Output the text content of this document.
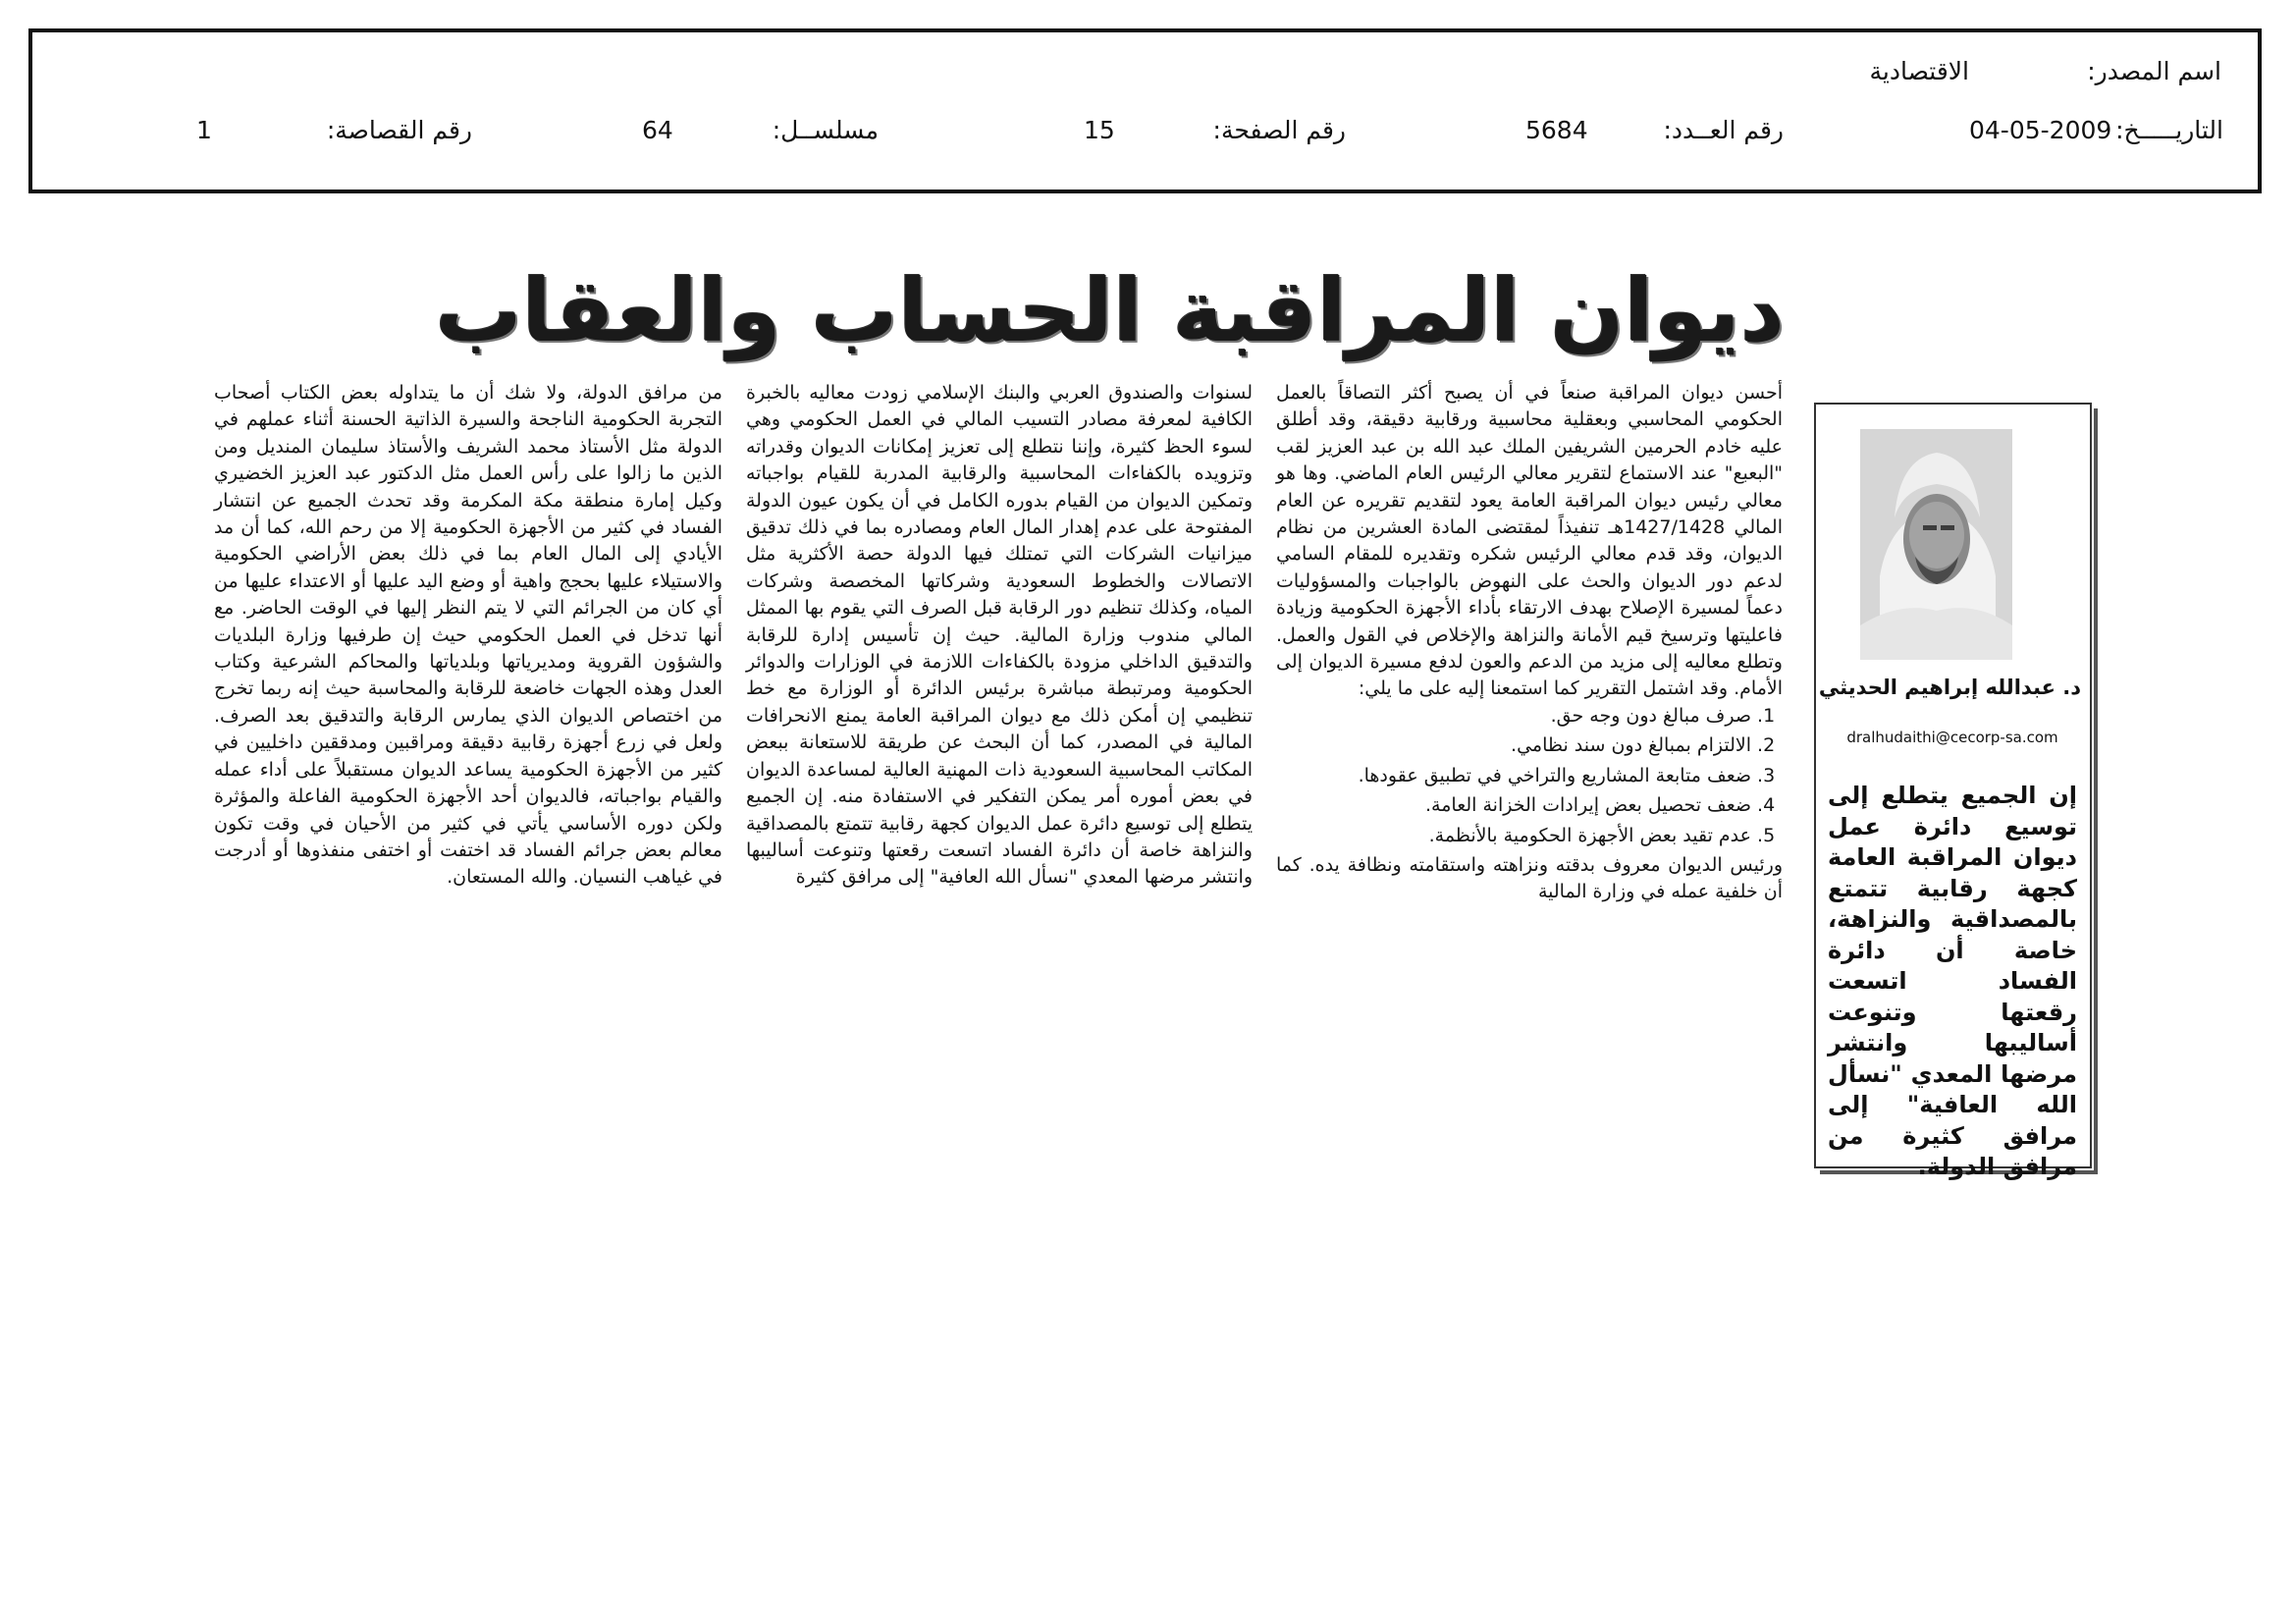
اسم المصدر:
الاقتصادية
التاريـــــخ:
04-05-2009
رقم العــدد:
5684
رقم الصفحة:
15
مسلســل:
64
رقم القصاصة:
1
ديوان المراقبة الحساب والعقاب
د. عبدالله إبراهيم الحديثي
dralhudaithi@cecorp-sa.com
إن الجميع يتطلع إلى توسيع دائرة عمل ديوان المراقبة العامة كجهة رقابية تتمتع بالمصداقية والنزاهة، خاصة أن دائرة الفساد اتسعت رقعتها وتنوعت أساليبها وانتشر مرضها المعدي "نسأل الله العافية" إلى مرافق كثيرة من مرافق الدولة.

أحسن ديوان المراقبة صنعاً في أن يصبح أكثر التصاقاً بالعمل الحكومي المحاسبي وبعقلية محاسبية ورقابية دقيقة، وقد أطلق عليه خادم الحرمين الشريفين الملك عبد الله بن عبد العزيز لقب "البعبع" عند الاستماع لتقرير معالي الرئيس العام الماضي. وها هو معالي رئيس ديوان المراقبة العامة يعود لتقديم تقريره عن العام المالي 1427/1428هـ تنفيذاً لمقتضى المادة العشرين من نظام الديوان، وقد قدم معالي الرئيس شكره وتقديره للمقام السامي لدعم دور الديوان والحث على النهوض بالواجبات والمسؤوليات دعماً لمسيرة الإصلاح بهدف الارتقاء بأداء الأجهزة الحكومية وزيادة فاعليتها وترسيخ قيم الأمانة والنزاهة والإخلاص في القول والعمل. وتطلع معاليه إلى مزيد من الدعم والعون لدفع مسيرة الديوان إلى الأمام. وقد اشتمل التقرير كما استمعنا إليه على ما يلي:

1. صرف مبالغ دون وجه حق.
2. الالتزام بمبالغ دون سند نظامي.
3. ضعف متابعة المشاريع والتراخي في تطبيق عقودها.
4. ضعف تحصيل بعض إيرادات الخزانة العامة.
5. عدم تقيد بعض الأجهزة الحكومية بالأنظمة.

ورئيس الديوان معروف بدقته ونزاهته واستقامته ونظافة يده. كما أن خلفية عمله في وزارة المالية

لسنوات والصندوق العربي والبنك الإسلامي زودت معاليه بالخبرة الكافية لمعرفة مصادر التسيب المالي في العمل الحكومي وهي لسوء الحظ كثيرة، وإننا نتطلع إلى تعزيز إمكانات الديوان وقدراته وتزويده بالكفاءات المحاسبية والرقابية المدربة للقيام بواجباته وتمكين الديوان من القيام بدوره الكامل في أن يكون عيون الدولة المفتوحة على عدم إهدار المال العام ومصادره بما في ذلك تدقيق ميزانيات الشركات التي تمتلك فيها الدولة حصة الأكثرية مثل الاتصالات والخطوط السعودية وشركاتها المخصصة وشركات المياه، وكذلك تنظيم دور الرقابة قبل الصرف التي يقوم بها الممثل المالي مندوب وزارة المالية. حيث إن تأسيس إدارة للرقابة والتدقيق الداخلي مزودة بالكفاءات اللازمة في الوزارات والدوائر الحكومية ومرتبطة مباشرة برئيس الدائرة أو الوزارة مع خط تنظيمي إن أمكن ذلك مع ديوان المراقبة العامة يمنع الانحرافات المالية في المصدر، كما أن البحث عن طريقة للاستعانة ببعض المكاتب المحاسبية السعودية ذات المهنية العالية لمساعدة الديوان في بعض أموره أمر يمكن التفكير في الاستفادة منه. إن الجميع يتطلع إلى توسيع دائرة عمل الديوان كجهة رقابية تتمتع بالمصداقية والنزاهة خاصة أن دائرة الفساد اتسعت رقعتها وتنوعت أساليبها وانتشر مرضها المعدي "نسأل الله العافية" إلى مرافق كثيرة

من مرافق الدولة، ولا شك أن ما يتداوله بعض الكتاب أصحاب التجربة الحكومية الناجحة والسيرة الذاتية الحسنة أثناء عملهم في الدولة مثل الأستاذ محمد الشريف والأستاذ سليمان المنديل ومن الذين ما زالوا على رأس العمل مثل الدكتور عبد العزيز الخضيري وكيل إمارة منطقة مكة المكرمة وقد تحدث الجميع عن انتشار الفساد في كثير من الأجهزة الحكومية إلا من رحم الله، كما أن مد الأيادي إلى المال العام بما في ذلك بعض الأراضي الحكومية والاستيلاء عليها بحجج واهية أو وضع اليد عليها أو الاعتداء عليها من أي كان من الجرائم التي لا يتم النظر إليها في الوقت الحاضر. مع أنها تدخل في العمل الحكومي حيث إن طرفيها وزارة البلديات والشؤون القروية ومديرياتها وبلدياتها والمحاكم الشرعية وكتاب العدل وهذه الجهات خاضعة للرقابة والمحاسبة حيث إنه ربما تخرج من اختصاص الديوان الذي يمارس الرقابة والتدقيق بعد الصرف. ولعل في زرع أجهزة رقابية دقيقة ومراقبين ومدققين داخليين في كثير من الأجهزة الحكومية يساعد الديوان مستقبلاً على أداء عمله والقيام بواجباته، فالديوان أحد الأجهزة الحكومية الفاعلة والمؤثرة ولكن دوره الأساسي يأتي في كثير من الأحيان في وقت تكون معالم بعض جرائم الفساد قد اختفت أو اختفى منفذوها أو أدرجت في غياهب النسيان. والله المستعان.
